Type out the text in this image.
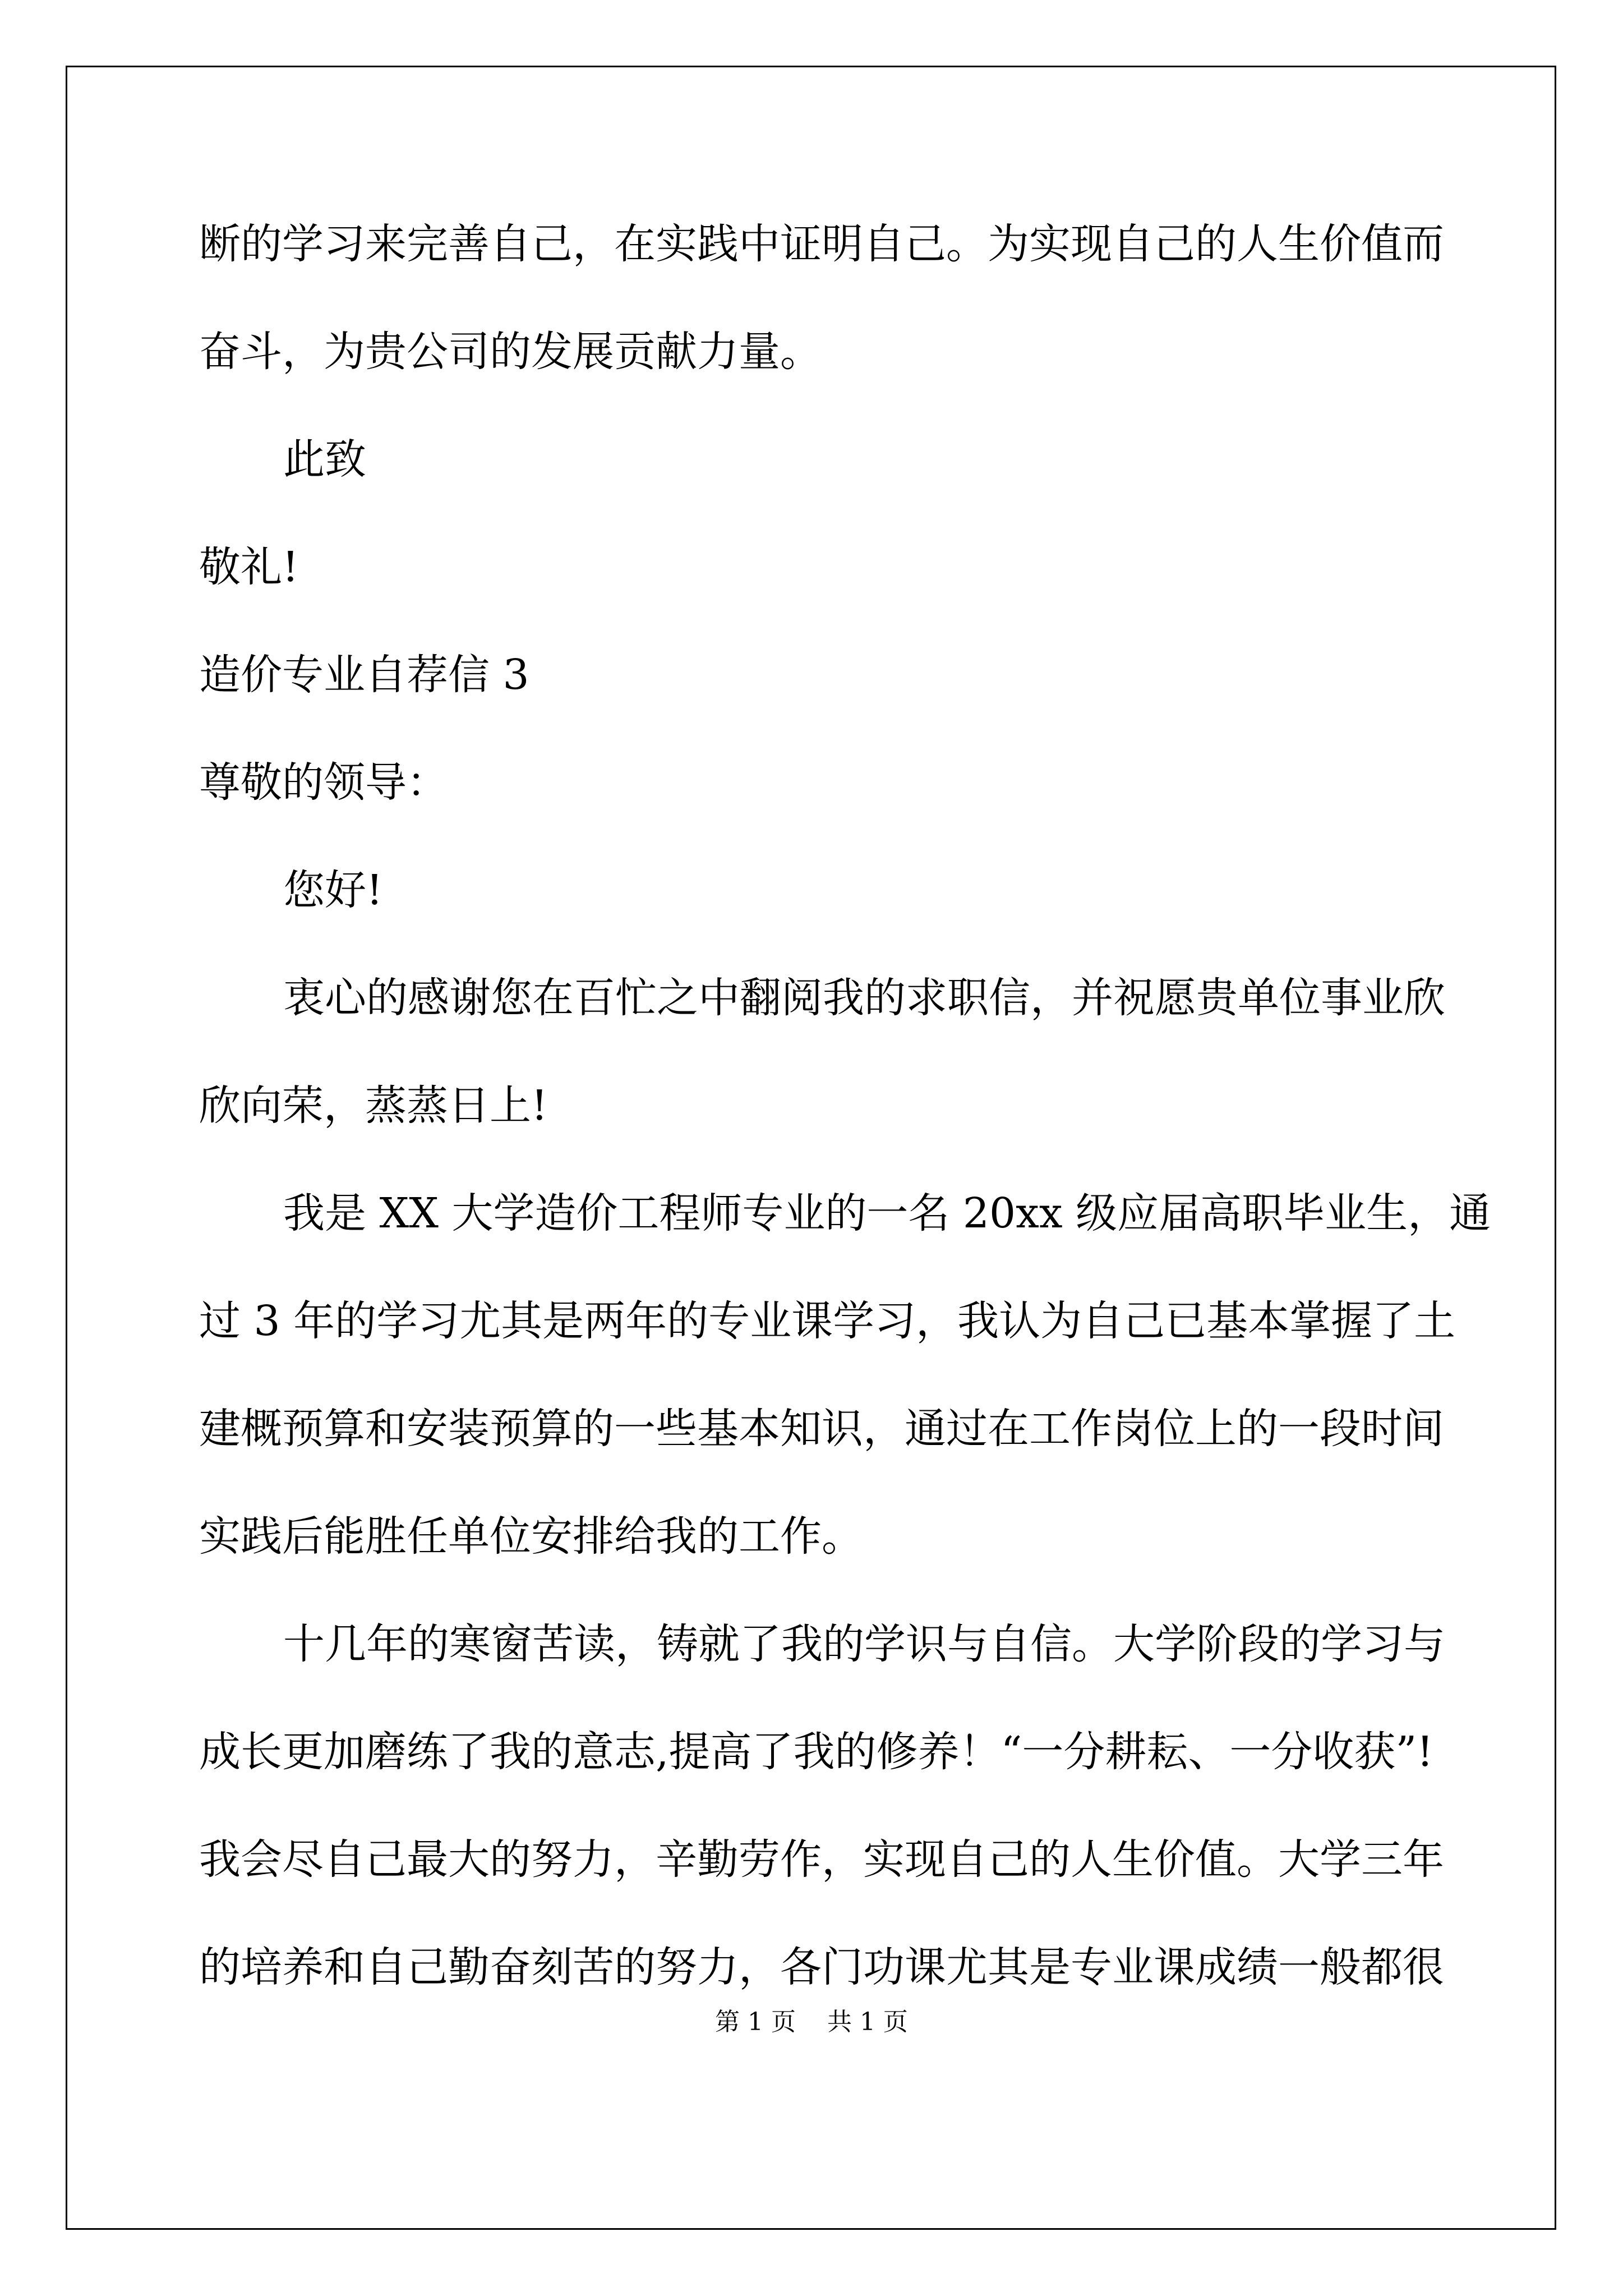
断的学习来完善自己，在实践中证明自己。为实现自己的人生价值而
奋斗，为贵公司的发展贡献力量。
此致
敬礼!
造价专业自荐信 3
尊敬的领导：
您好!
衷心的感谢您在百忙之中翻阅我的求职信，并祝愿贵单位事业欣
欣向荣，蒸蒸日上!
我是 XX 大学造价工程师专业的一名 20xx 级应届高职毕业生，通
过 3 年的学习尤其是两年的专业课学习，我认为自己已基本掌握了土
建概预算和安装预算的一些基本知识，通过在工作岗位上的一段时间
实践后能胜任单位安排给我的工作。
十几年的寒窗苦读，铸就了我的学识与自信。大学阶段的学习与
成长更加磨练了我的意志,提高了我的修养！“一分耕耘、一分收获”!
我会尽自己最大的努力，辛勤劳作，实现自己的人生价值。大学三年
的培养和自己勤奋刻苦的努力，各门功课尤其是专业课成绩一般都很
第 1 页    共 1 页
